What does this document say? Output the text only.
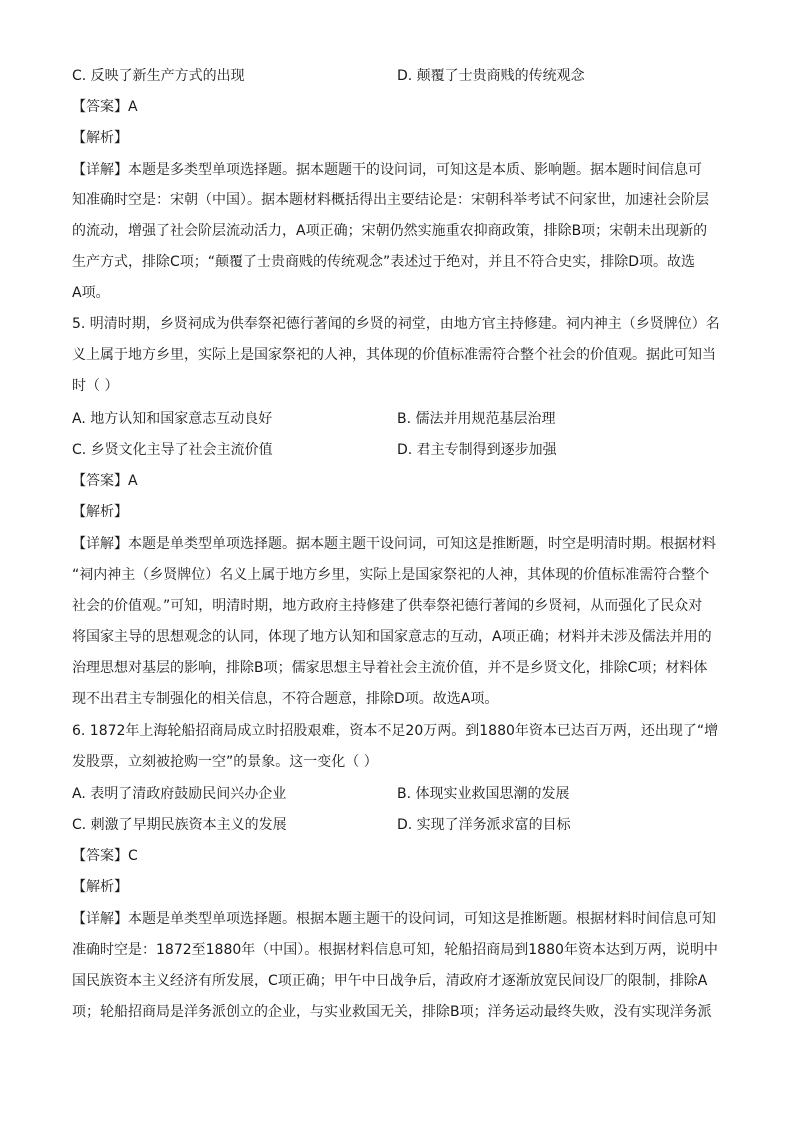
C. 反映了新生产方式的出现	D. 颠覆了士贵商贱的传统观念
【答案】A
【解析】
【详解】本题是多类型单项选择题。据本题题干的设问词，可知这是本质、影响题。据本题时间信息可
知准确时空是：宋朝（中国）。据本题材料概括得出主要结论是：宋朝科举考试不问家世，加速社会阶层
的流动，增强了社会阶层流动活力，A项正确；宋朝仍然实施重农抑商政策，排除B项；宋朝未出现新的
生产方式，排除C项；“颠覆了士贵商贱的传统观念”表述过于绝对，并且不符合史实，排除D项。故选
A项。
5. 明清时期，乡贤祠成为供奉祭祀德行著闻的乡贤的祠堂，由地方官主持修建。祠内神主（乡贤牌位）名
义上属于地方乡里，实际上是国家祭祀的人神，其体现的价值标准需符合整个社会的价值观。据此可知当
时（ ）
A. 地方认知和国家意志互动良好	B. 儒法并用规范基层治理
C. 乡贤文化主导了社会主流价值	D. 君主专制得到逐步加强
【答案】A
【解析】
【详解】本题是单类型单项选择题。据本题主题干设问词，可知这是推断题，时空是明清时期。根据材料
“祠内神主（乡贤牌位）名义上属于地方乡里，实际上是国家祭祀的人神，其体现的价值标准需符合整个
社会的价值观。”可知，明清时期，地方政府主持修建了供奉祭祀德行著闻的乡贤祠，从而强化了民众对
将国家主导的思想观念的认同，体现了地方认知和国家意志的互动，A项正确；材料并未涉及儒法并用的
治理思想对基层的影响，排除B项；儒家思想主导着社会主流价值，并不是乡贤文化，排除C项；材料体
现不出君主专制强化的相关信息，不符合题意，排除D项。故选A项。
6. 1872年上海轮船招商局成立时招股艰难，资本不足20万两。到1880年资本已达百万两，还出现了“增
发股票，立刻被抢购一空”的景象。这一变化（ ）
A. 表明了清政府鼓励民间兴办企业	B. 体现实业救国思潮的发展
C. 刺激了早期民族资本主义的发展	D. 实现了洋务派求富的目标
【答案】C
【解析】
【详解】本题是单类型单项选择题。根据本题主题干的设问词，可知这是推断题。根据材料时间信息可知
准确时空是：1872至1880年（中国）。根据材料信息可知，轮船招商局到1880年资本达到万两，说明中
国民族资本主义经济有所发展，C项正确；甲午中日战争后，清政府才逐渐放宽民间设厂的限制，排除A
项；轮船招商局是洋务派创立的企业，与实业救国无关，排除B项；洋务运动最终失败，没有实现洋务派
